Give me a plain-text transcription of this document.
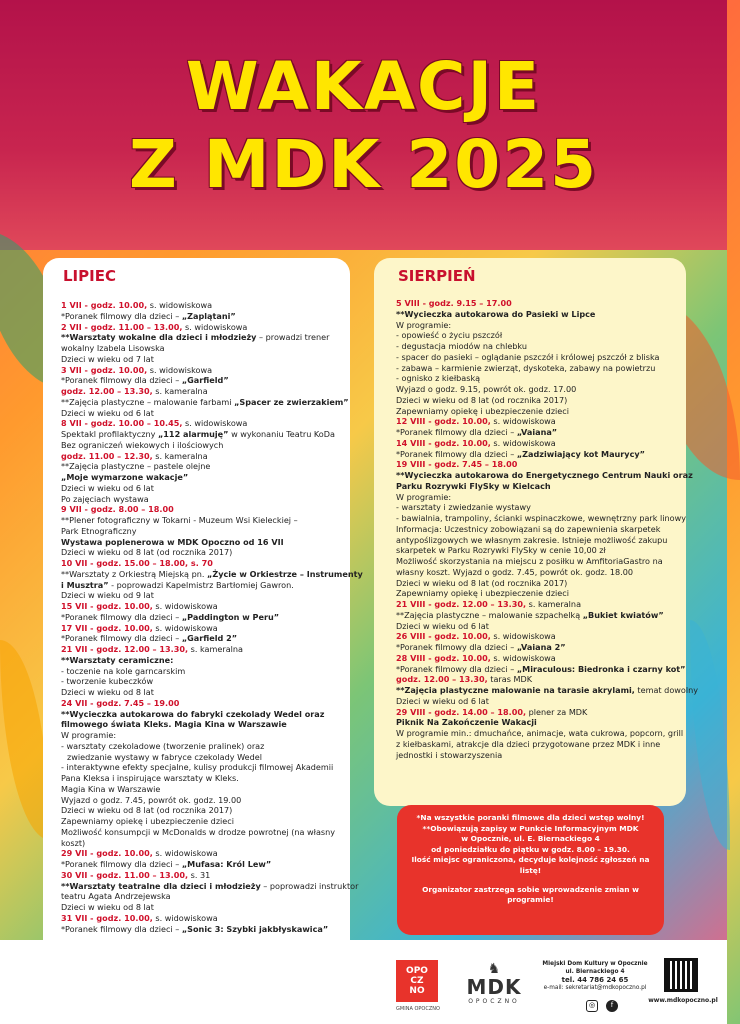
WAKACJE
Z MDK 2025
LIPIEC
1 VII - godz. 10.00, s. widowiskowa
*Poranek filmowy dla dzieci – „Zaplątani”
2 VII - godz. 11.00 – 13.00, s. widowiskowa
**Warsztaty wokalne dla dzieci i młodzieży – prowadzi trener
wokalny Izabela Lisowska
Dzieci w wieku od 7 lat
3 VII - godz. 10.00, s. widowiskowa
*Poranek filmowy dla dzieci – „Garfield”
godz. 12.00 – 13.30, s. kameralna
**Zajęcia plastyczne – malowanie farbami „Spacer ze zwierzakiem”
Dzieci w wieku od 6 lat
8 VII - godz. 10.00 – 10.45, s. widowiskowa
Spektakl profilaktyczny „112 alarmuję” w wykonaniu Teatru KoDa
Bez ograniczeń wiekowych i ilościowych
godz. 11.00 – 12.30, s. kameralna
**Zajęcia plastyczne – pastele olejne
„Moje wymarzone wakacje”
Dzieci w wieku od 6 lat
Po zajęciach wystawa
9 VII - godz. 8.00 – 18.00
**Plener fotograficzny w Tokarni - Muzeum Wsi Kieleckiej –
Park Etnograficzny
Wystawa poplenerowa w MDK Opoczno od 16 VII
Dzieci w wieku od 8 lat (od rocznika 2017)
10 VII - godz. 15.00 – 18.00, s. 70
**Warsztaty z Orkiestrą Miejską pn. „Życie w Orkiestrze – Instrumenty
i Musztra” - poprowadzi Kapelmistrz Bartłomiej Gawron.
Dzieci w wieku od 9 lat
15 VII - godz. 10.00, s. widowiskowa
*Poranek filmowy dla dzieci – „Paddington w Peru”
17 VII - godz. 10.00, s. widowiskowa
*Poranek filmowy dla dzieci – „Garfield 2”
21 VII - godz. 12.00 – 13.30, s. kameralna
**Warsztaty ceramiczne:
- toczenie na kole garncarskim
- tworzenie kubeczków
Dzieci w wieku od 8 lat
24 VII - godz. 7.45 – 19.00
**Wycieczka autokarowa do fabryki czekolady Wedel oraz
filmowego świata Kleks. Magia Kina w Warszawie
W programie:
- warsztaty czekoladowe (tworzenie pralinek) oraz
zwiedzanie wystawy w fabryce czekolady Wedel
- interaktywne efekty specjalne, kulisy produkcji filmowej Akademii
Pana Kleksa i inspirujące warsztaty w Kleks.
Magia Kina w Warszawie
Wyjazd o godz. 7.45, powrót ok. godz. 19.00
Dzieci w wieku od 8 lat (od rocznika 2017)
Zapewniamy opiekę i ubezpieczenie dzieci
Możliwość konsumpcji w McDonalds w drodze powrotnej (na własny
koszt)
29 VII - godz. 10.00, s. widowiskowa
*Poranek filmowy dla dzieci – „Mufasa: Król Lew”
30 VII - godz. 11.00 – 13.00, s. 31
**Warsztaty teatralne dla dzieci i młodzieży – poprowadzi instruktor
teatru Agata Andrzejewska
Dzieci w wieku od 8 lat
31 VII - godz. 10.00, s. widowiskowa
*Poranek filmowy dla dzieci – „Sonic 3: Szybki jakbłyskawica”
SIERPIEŃ
5 VIII - godz. 9.15 – 17.00
**Wycieczka autokarowa do Pasieki w Lipce
W programie:
- opowieść o życiu pszczół
- degustacja miodów na chlebku
- spacer do pasieki – oglądanie pszczół i królowej pszczół z bliska
- zabawa – karmienie zwierząt, dyskoteka, zabawy na powietrzu
- ognisko z kiełbaską
Wyjazd o godz. 9.15, powrót ok. godz. 17.00
Dzieci w wieku od 8 lat (od rocznika 2017)
Zapewniamy opiekę i ubezpieczenie dzieci
12 VIII - godz. 10.00, s. widowiskowa
*Poranek filmowy dla dzieci – „Vaiana”
14 VIII - godz. 10.00, s. widowiskowa
*Poranek filmowy dla dzieci – „Zadziwiający kot Maurycy”
19 VIII - godz. 7.45 – 18.00
**Wycieczka autokarowa do Energetycznego Centrum Nauki oraz
Parku Rozrywki FlySky w Kielcach
W programie:
- warsztaty i zwiedzanie wystawy
- bawialnia, trampoliny, ścianki wspinaczkowe, wewnętrzny park linowy
Informacja: Uczestnicy zobowiązani są do zapewnienia skarpetek
antypoślizgowych we własnym zakresie. Istnieje możliwość zakupu
skarpetek w Parku Rozrywki FlySky w cenie 10,00 zł
Możliwość skorzystania na miejscu z posiłku w AmfitoriaGastro na
własny koszt. Wyjazd o godz. 7.45, powrót ok. godz. 18.00
Dzieci w wieku od 8 lat (od rocznika 2017)
Zapewniamy opiekę i ubezpieczenie dzieci
21 VIII - godz. 12.00 – 13.30, s. kameralna
**Zajęcia plastyczne – malowanie szpachelką „Bukiet kwiatów”
Dzieci w wieku od 6 lat
26 VIII - godz. 10.00, s. widowiskowa
*Poranek filmowy dla dzieci – „Vaiana 2”
28 VIII - godz. 10.00, s. widowiskowa
*Poranek filmowy dla dzieci – „Miraculous: Biedronka i czarny kot”
godz. 12.00 – 13.30, taras MDK
**Zajęcia plastyczne malowanie na tarasie akrylami, temat dowolny
Dzieci w wieku od 6 lat
29 VIII - godz. 14.00 – 18.00, plener za MDK
Piknik Na Zakończenie Wakacji
W programie min.: dmuchańce, animacje, wata cukrowa, popcorn, grill
z kiełbaskami, atrakcje dla dzieci przygotowane przez MDK i inne
jednostki i stowarzyszenia
*Na wszystkie poranki filmowe dla dzieci wstęp wolny!
**Obowiązują zapisy w Punkcie Informacyjnym MDK
w Opocznie, ul. E. Biernackiego 4
od poniedziałku do piątku w godz. 8.00 – 19.30.
Ilość miejsc ograniczona, decyduje kolejność zgłoszeń na listę!
Organizator zastrzega sobie wprowadzenie zmian w programie!
OPO
CZ
NO
GMINA OPOCZNO
♞
MDK
OPOCZNO
Miejski Dom Kultury w Opocznie
ul. Biernackiego 4
tel. 44 786 24 65
e-mail: sekretariat@mdkopoczno.pl
◎ f
www.mdkopoczno.pl
